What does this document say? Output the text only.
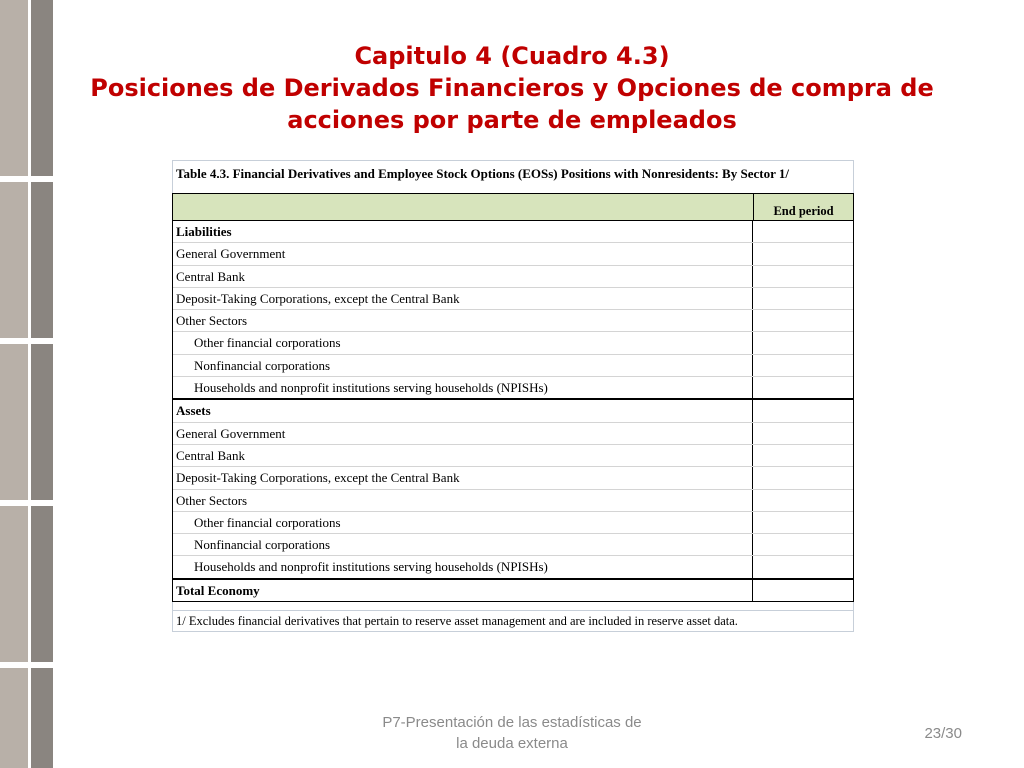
Capitulo 4 (Cuadro 4.3)
Posiciones de Derivados Financieros y Opciones de compra de
acciones por parte de empleados
Table 4.3. Financial Derivatives and Employee Stock Options (EOSs) Positions with Nonresidents: By Sector 1/
End period
Liabilities
General Government
Central Bank
Deposit-Taking Corporations, except the Central Bank
Other Sectors
Other financial corporations
Nonfinancial corporations
Households and nonprofit institutions serving households (NPISHs)
Assets
General Government
Central Bank
Deposit-Taking Corporations, except the Central Bank
Other Sectors
Other financial corporations
Nonfinancial corporations
Households and nonprofit institutions serving households (NPISHs)
Total Economy
1/ Excludes financial derivatives that pertain to reserve asset management and are included in reserve asset data.
P7-Presentación de las estadísticas de
la deuda externa
23/30
